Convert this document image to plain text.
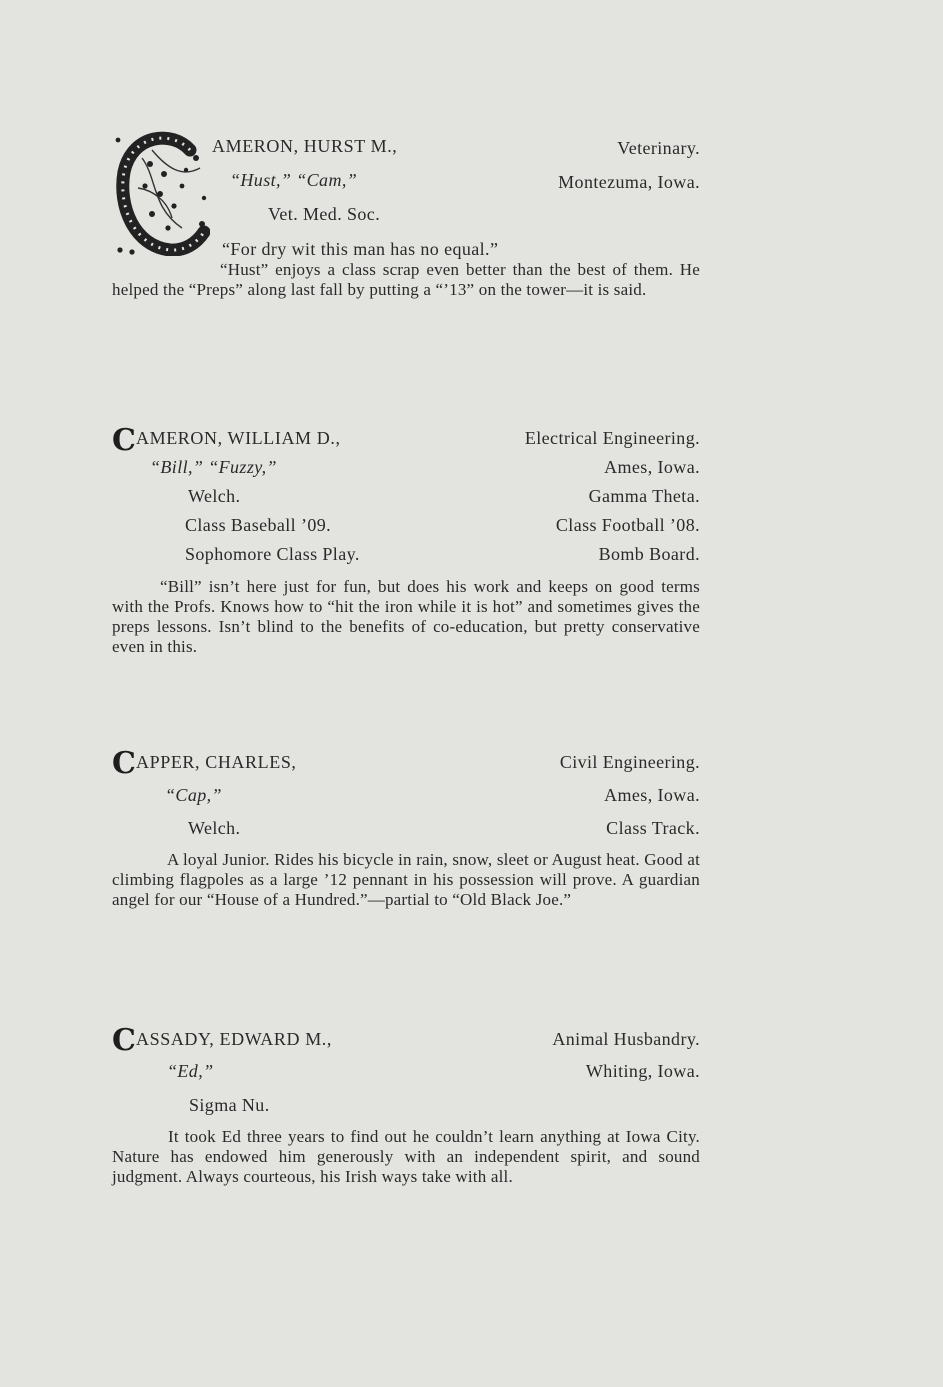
AMERON, HURST M.,	Veterinary.
“Hust,” “Cam,”	Montezuma, Iowa.
Vet. Med. Soc.
“For dry wit this man has no equal.”
“Hust” enjoys a class scrap even better than the best of them. He helped the “Preps” along last fall by putting a “’13” on the tower—it is said.
C AMERON, WILLIAM D.,	Electrical Engineering.
“Bill,” “Fuzzy,”	Ames, Iowa.
Welch.	Gamma Theta.
Class Baseball ’09.	Class Football ’08.
Sophomore Class Play.	Bomb Board.
“Bill” isn’t here just for fun, but does his work and keeps on good terms with the Profs. Knows how to “hit the iron while it is hot” and sometimes gives the preps lessons. Isn’t blind to the benefits of co-education, but pretty conservative even in this.
C APPER, CHARLES,	Civil Engineering.
“Cap,”	Ames, Iowa.
Welch.	Class Track.
A loyal Junior. Rides his bicycle in rain, snow, sleet or August heat. Good at climbing flagpoles as a large ’12 pennant in his possession will prove. A guardian angel for our “House of a Hundred.”—partial to “Old Black Joe.”
C ASSADY, EDWARD M.,	Animal Husbandry.
“Ed,”	Whiting, Iowa.
Sigma Nu.
It took Ed three years to find out he couldn’t learn anything at Iowa City. Nature has endowed him generously with an independent spirit, and sound judgment. Always courteous, his Irish ways take with all.
